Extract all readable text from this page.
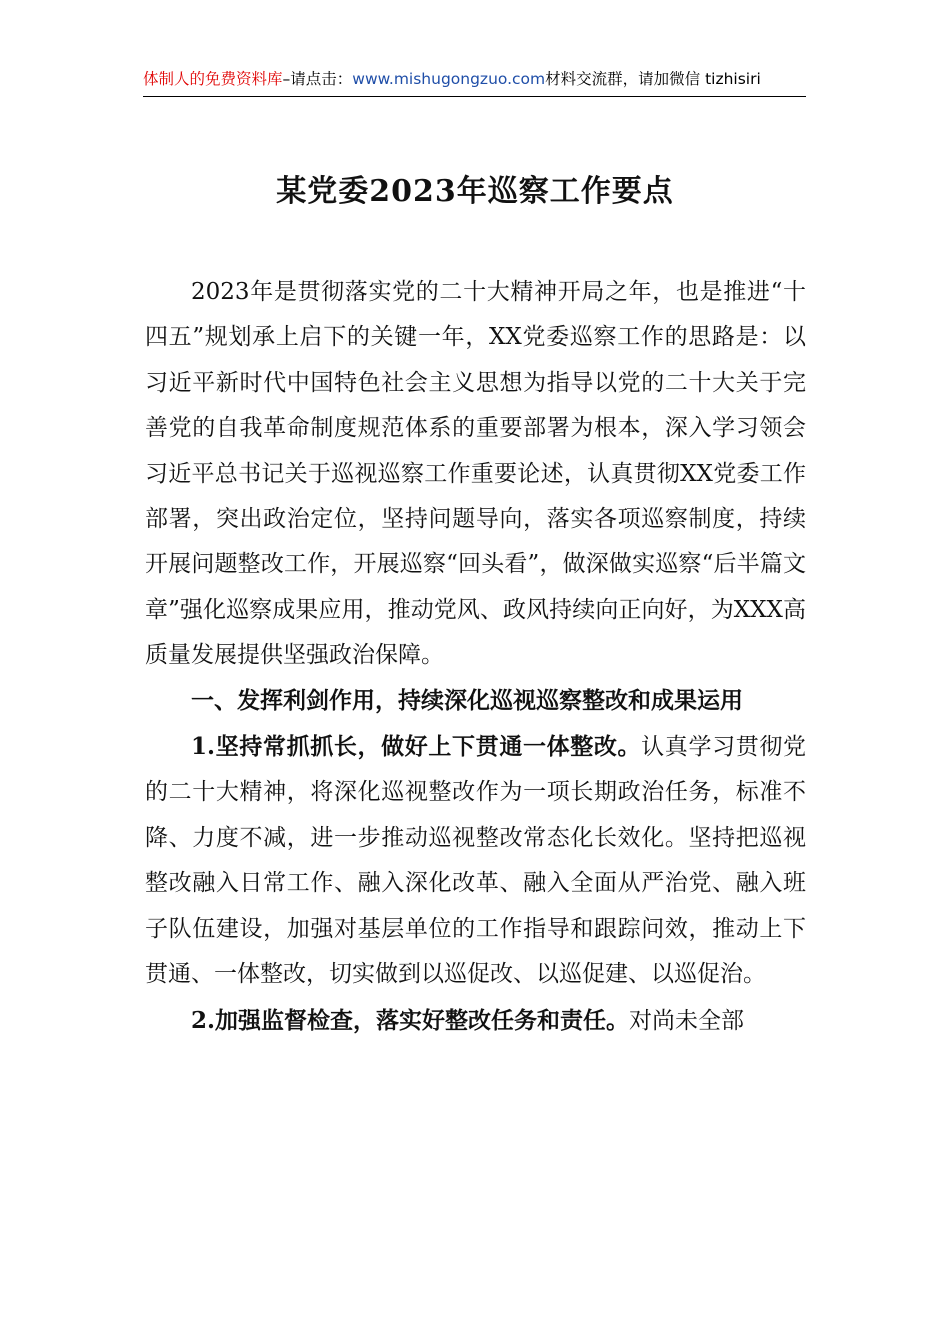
体制人的免费资料库–请点击：www.mishugongzuo.com材料交流群，请加微信 tizhisiri
某党委2023年巡察工作要点

2023年是贯彻落实党的二十大精神开局之年，也是推进“十四五”规划承上启下的关键一年，XX党委巡察工作的思路是：以习近平新时代中国特色社会主义思想为指导以党的二十大关于完善党的自我革命制度规范体系的重要部署为根本，深入学习领会习近平总书记关于巡视巡察工作重要论述，认真贯彻XX党委工作部署，突出政治定位，坚持问题导向，落实各项巡察制度，持续开展问题整改工作，开展巡察“回头看”，做深做实巡察“后半篇文章”强化巡察成果应用，推动党风、政风持续向正向好，为XXX高质量发展提供坚强政治保障。

一、发挥利剑作用，持续深化巡视巡察整改和成果运用

1.坚持常抓抓长，做好上下贯通一体整改。认真学习贯彻党的二十大精神，将深化巡视整改作为一项长期政治任务，标准不降、力度不减，进一步推动巡视整改常态化长效化。坚持把巡视整改融入日常工作、融入深化改革、融入全面从严治党、融入班子队伍建设，加强对基层单位的工作指导和跟踪问效，推动上下贯通、一体整改，切实做到以巡促改、以巡促建、以巡促治。

2.加强监督检查，落实好整改任务和责任。对尚未全部
